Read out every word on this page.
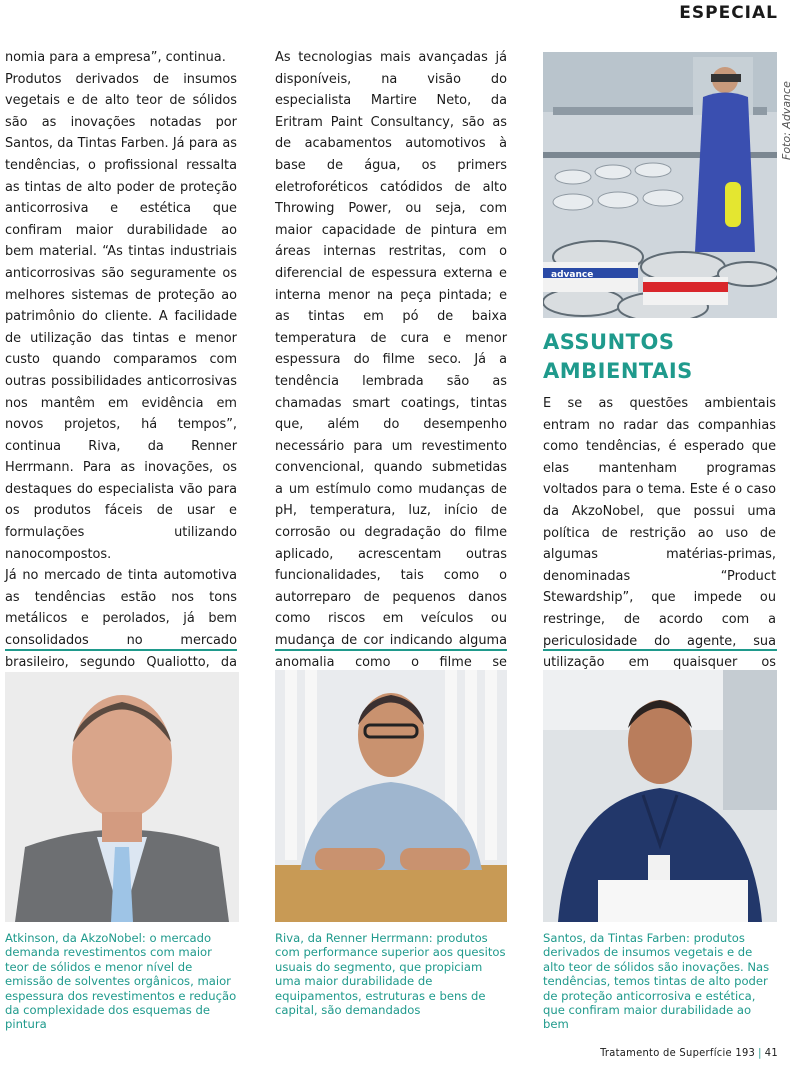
ESPECIAL

nomia para a empresa”, continua.

Produtos derivados de insumos vegetais e de alto teor de sólidos são as inovações notadas por Santos, da Tintas Farben. Já para as tendências, o profissional ressalta as tintas de alto poder de proteção anticorrosiva e estética que confiram maior durabilidade ao bem material. “As tintas industriais anticorrosivas são seguramente os melhores sistemas de proteção ao patrimônio do cliente. A facilidade de utilização das tintas e menor custo quando comparamos com outras possibilidades anticorrosivas nos mantêm em evidência em novos projetos, há tempos”, continua Riva, da Renner Herrmann. Para as inovações, os destaques do especialista vão para os produtos fáceis de usar e formulações utilizando nanocompostos.

Já no mercado de tinta automotiva as tendências estão nos tons metálicos e perolados, já bem consolidados no mercado brasileiro, segundo Qualiotto, da

As tecnologias mais avançadas já disponíveis, na visão do especialista Martire Neto, da Eritram Paint Consultancy, são as de acabamentos automotivos à base de água, os primers eletroforéticos catódidos de alto Throwing Power, ou seja, com maior capacidade de pintura em áreas internas restritas, com o diferencial de espessura externa e interna menor na peça pintada; e as tintas em pó de baixa temperatura de cura e menor espessura do filme seco. Já a tendência lembrada são as chamadas smart coatings, tintas que, além do desempenho necessário para um revestimento convencional, quando submetidas a um estímulo como mudanças de pH, temperatura, luz, início de corrosão ou degradação do filme aplicado, acrescentam outras funcionalidades, tais como o autorreparo de pequenos danos como riscos em veículos ou mudança de cor indicando alguma anomalia como o filme se

advance
Foto: Advance
ASSUNTOS
AMBIENTAIS

E se as questões ambientais entram no radar das companhias como tendências, é esperado que elas mantenham programas voltados para o tema. Este é o caso da AkzoNobel, que possui uma política de restrição ao uso de algumas matérias-primas, denominadas “Product Stewardship”, que impede ou restringe, de acordo com a periculosidade do agente, sua utilização em quaisquer os

Atkinson, da AkzoNobel: o mercado demanda revestimentos com maior teor de sólidos e menor nível de emissão de solventes orgânicos, maior espessura dos revestimentos e redução da complexidade dos esquemas de pintura
Riva, da Renner Herrmann: produtos com performance superior aos quesitos usuais do segmento, que propiciam uma maior durabilidade de equipamentos, estruturas e bens de capital, são demandados
Santos, da Tintas Farben: produtos derivados de insumos vegetais e de alto teor de sólidos são inovações. Nas tendências, temos tintas de alto poder de proteção anticorrosiva e estética, que confiram maior durabilidade ao bem
Tratamento de Superfície 193 | 41
